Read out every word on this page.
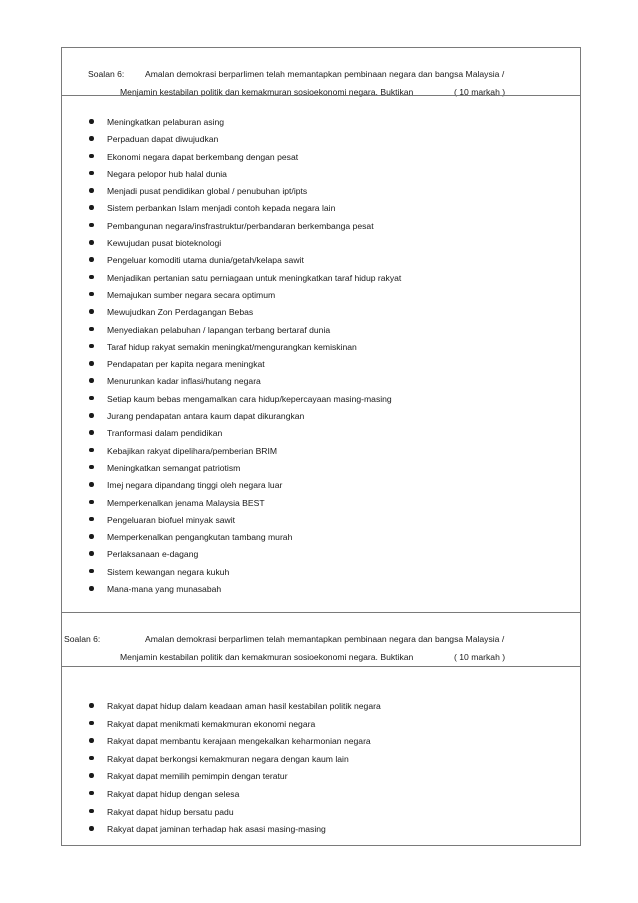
Soalan 6: Amalan demokrasi berparlimen telah memantapkan pembinaan negara dan bangsa Malaysia /
Menjamin kestabilan politik dan kemakmuran sosioekonomi negara. Buktikan	( 10 markah )
Meningkatkan pelaburan asing
Perpaduan dapat diwujudkan
Ekonomi negara dapat berkembang dengan pesat
Negara pelopor hub halal dunia
Menjadi pusat pendidikan global / penubuhan ipt/ipts
Sistem perbankan Islam menjadi contoh kepada negara lain
Pembangunan negara/insfrastruktur/perbandaran berkembanga pesat
Kewujudan pusat bioteknologi
Pengeluar komoditi utama dunia/getah/kelapa sawit
Menjadikan pertanian satu perniagaan untuk meningkatkan taraf hidup rakyat
Memajukan sumber negara secara optimum
Mewujudkan Zon Perdagangan Bebas
Menyediakan pelabuhan / lapangan terbang bertaraf dunia
Taraf hidup rakyat semakin meningkat/mengurangkan kemiskinan
Pendapatan per kapita negara meningkat
Menurunkan kadar inflasi/hutang negara
Setiap kaum bebas mengamalkan cara hidup/kepercayaan masing-masing
Jurang pendapatan antara kaum dapat dikurangkan
Tranformasi dalam pendidikan
Kebajikan rakyat dipelihara/pemberian BRIM
Meningkatkan semangat patriotism
Imej negara dipandang tinggi oleh negara luar
Memperkenalkan jenama Malaysia BEST
Pengeluaran biofuel minyak sawit
Memperkenalkan pengangkutan tambang murah
Perlaksanaan e-dagang
Sistem kewangan negara kukuh
Mana-mana yang munasabah
Soalan 6:	Amalan demokrasi berparlimen telah memantapkan pembinaan negara dan bangsa Malaysia /
Menjamin kestabilan politik dan kemakmuran sosioekonomi negara. Buktikan	( 10 markah )
Rakyat dapat hidup dalam keadaan aman hasil kestabilan politik negara
Rakyat dapat menikmati kemakmuran ekonomi negara
Rakyat dapat membantu kerajaan mengekalkan keharmonian negara
Rakyat dapat berkongsi kemakmuran negara dengan kaum lain
Rakyat dapat memilih pemimpin dengan teratur
Rakyat dapat hidup dengan selesa
Rakyat dapat hidup bersatu padu
Rakyat dapat jaminan terhadap hak asasi masing-masing
